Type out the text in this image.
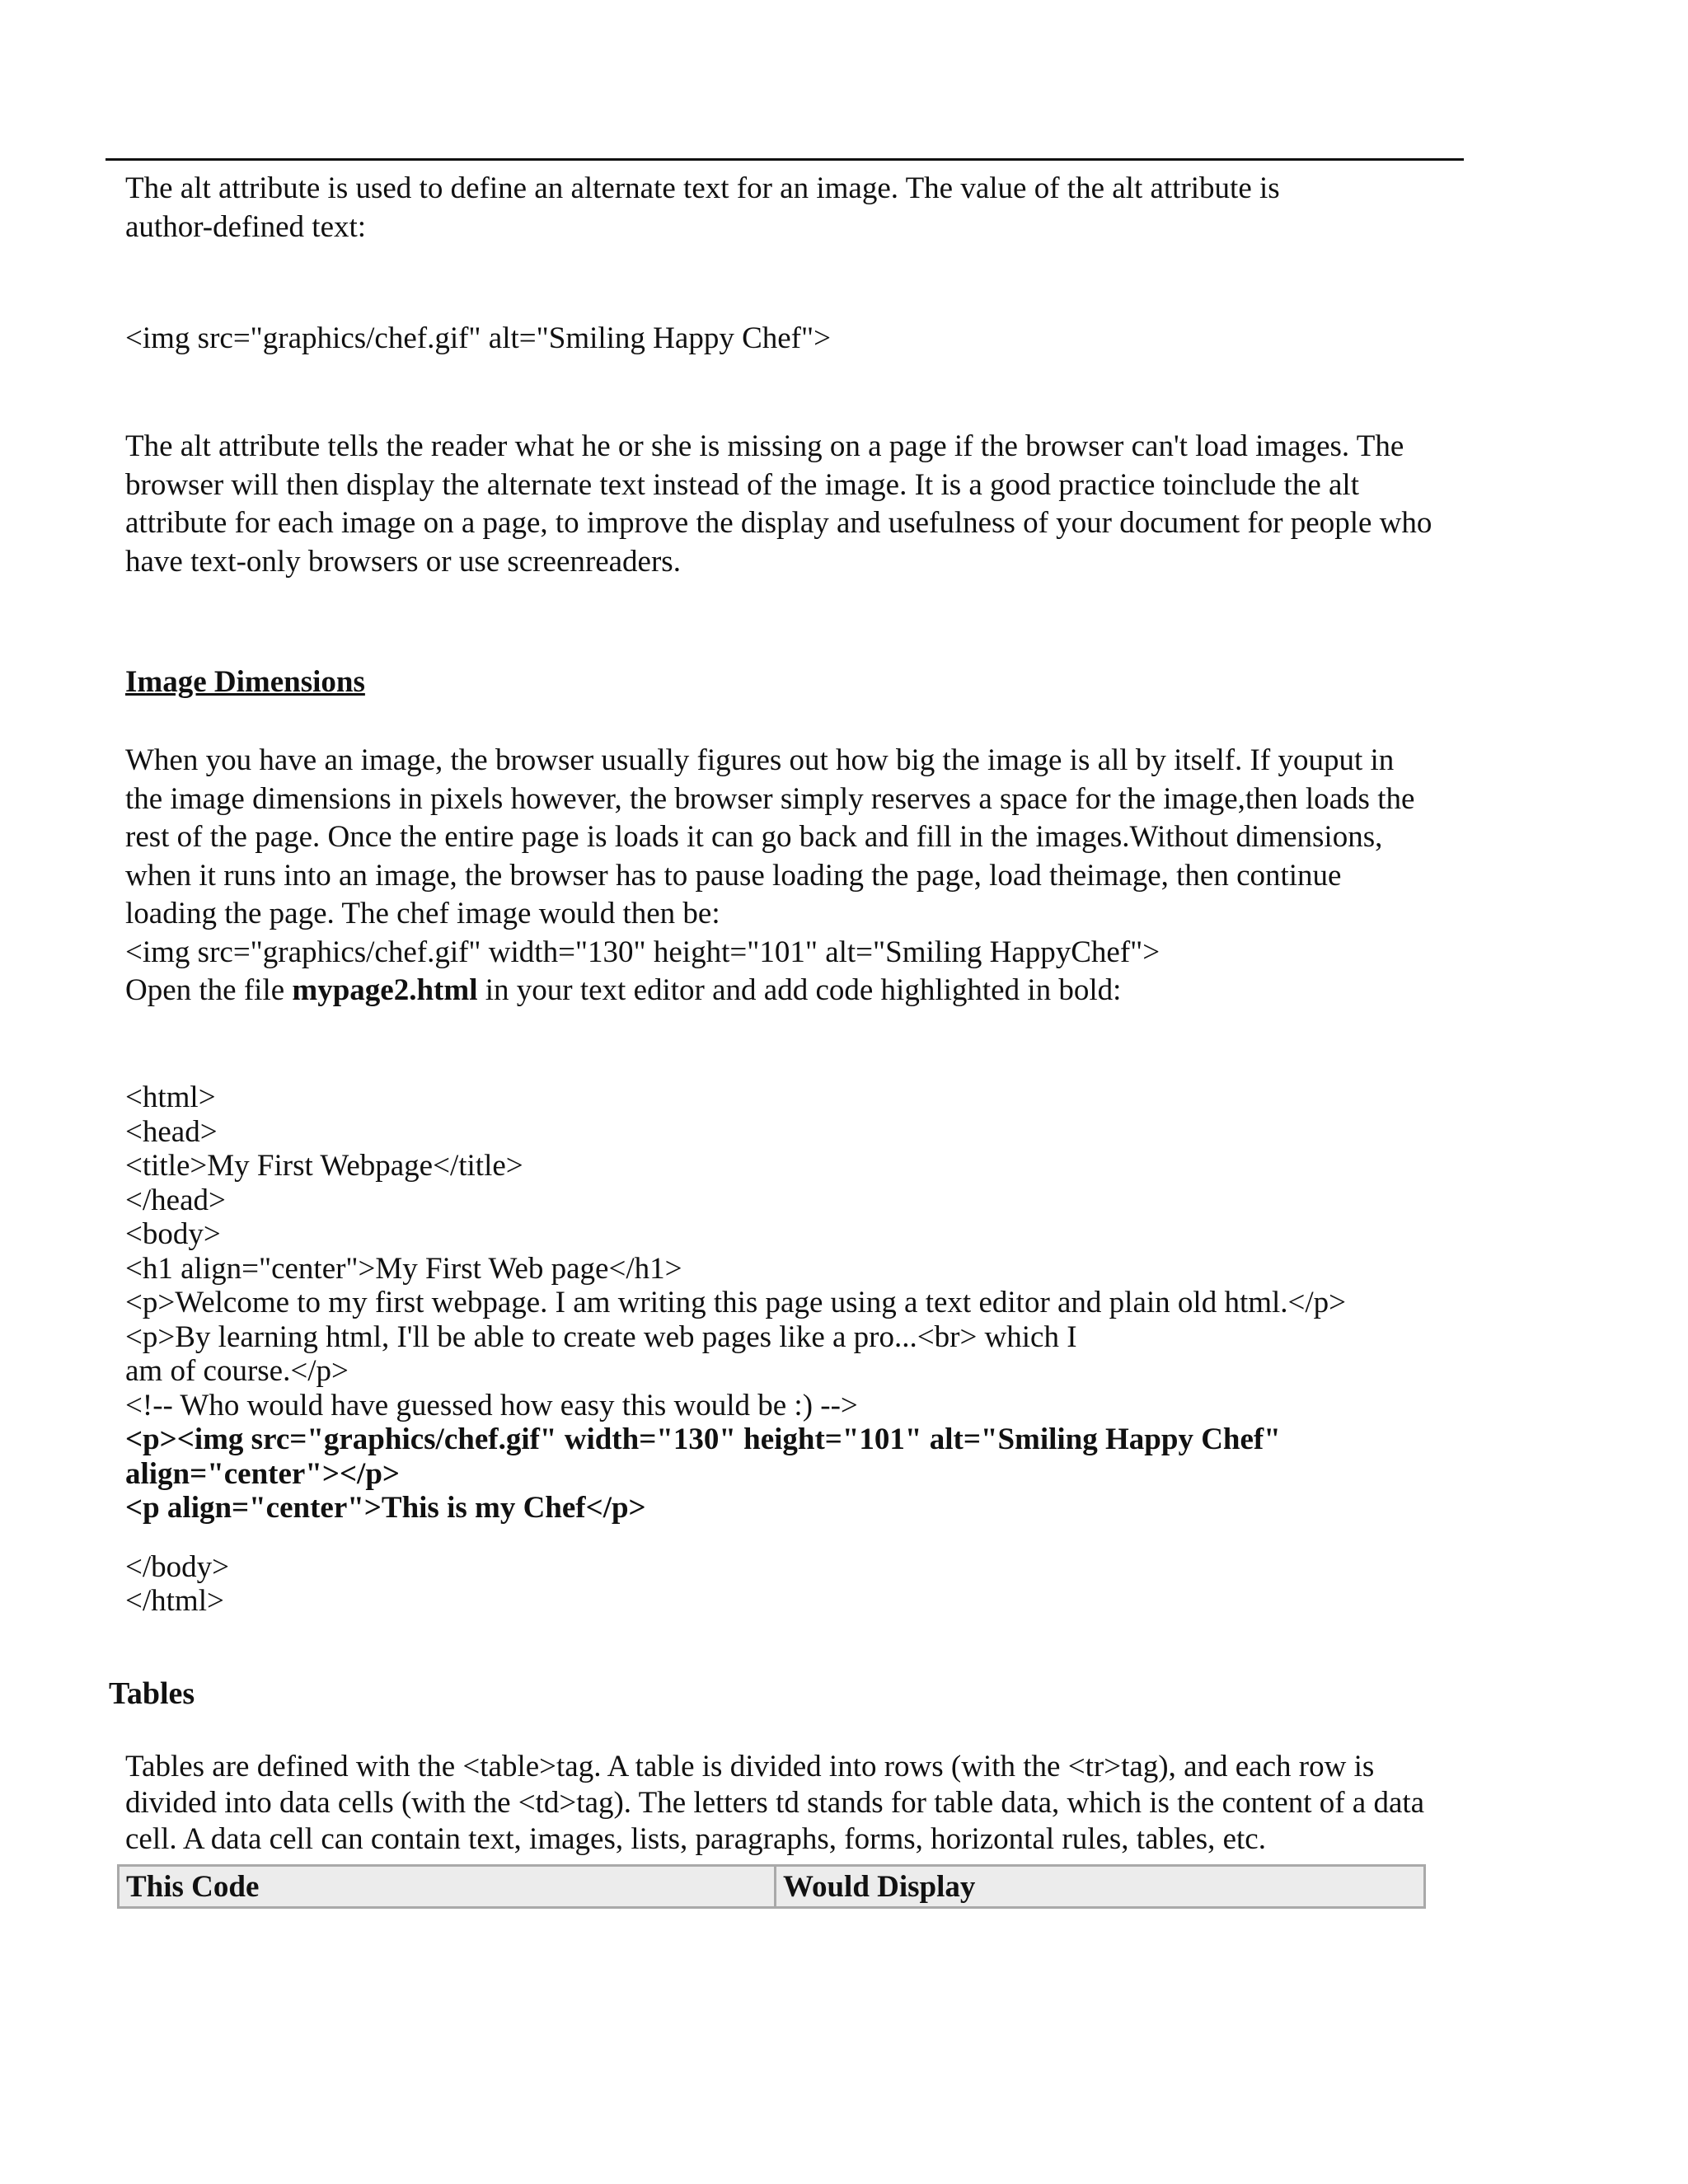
The alt attribute is used to define an alternate text for an image. The value of the alt attribute is
author-defined text:
<img src="graphics/chef.gif" alt="Smiling Happy Chef">
The alt attribute tells the reader what he or she is missing on a page if the browser can't load images. The
browser will then display the alternate text instead of the image. It is a good practice toinclude the alt
attribute for each image on a page, to improve the display and usefulness of your document for people who
have text-only browsers or use screenreaders.
Image Dimensions
When you have an image, the browser usually figures out how big the image is all by itself. If youput in
the image dimensions in pixels however, the browser simply reserves a space for the image,then loads the
rest of the page. Once the entire page is loads it can go back and fill in the images.Without dimensions,
when it runs into an image, the browser has to pause loading the page, load theimage, then continue
loading the page. The chef image would then be:
<img src="graphics/chef.gif" width="130" height="101" alt="Smiling HappyChef">
Open the file mypage2.html in your text editor and add code highlighted in bold:
<html>
<head>
<title>My First Webpage</title>
</head>
<body>
<h1 align="center">My First Web page</h1>
<p>Welcome to my first webpage. I am writing this page using a text editor and plain old html.</p>
<p>By learning html, I'll be able to create web pages like a pro...<br> which I
am of course.</p>
<!-- Who would have guessed how easy this would be :) -->
<p><img src="graphics/chef.gif" width="130" height="101" alt="Smiling Happy Chef"
align="center"></p>
<p align="center">This is my Chef</p>
</body>
</html>
Tables
Tables are defined with the <table>tag. A table is divided into rows (with the <tr>tag), and each row is
divided into data cells (with the <td>tag). The letters td stands for table data, which is the content of a data
cell. A data cell can contain text, images, lists, paragraphs, forms, horizontal rules, tables, etc.
This Code	Would Display
